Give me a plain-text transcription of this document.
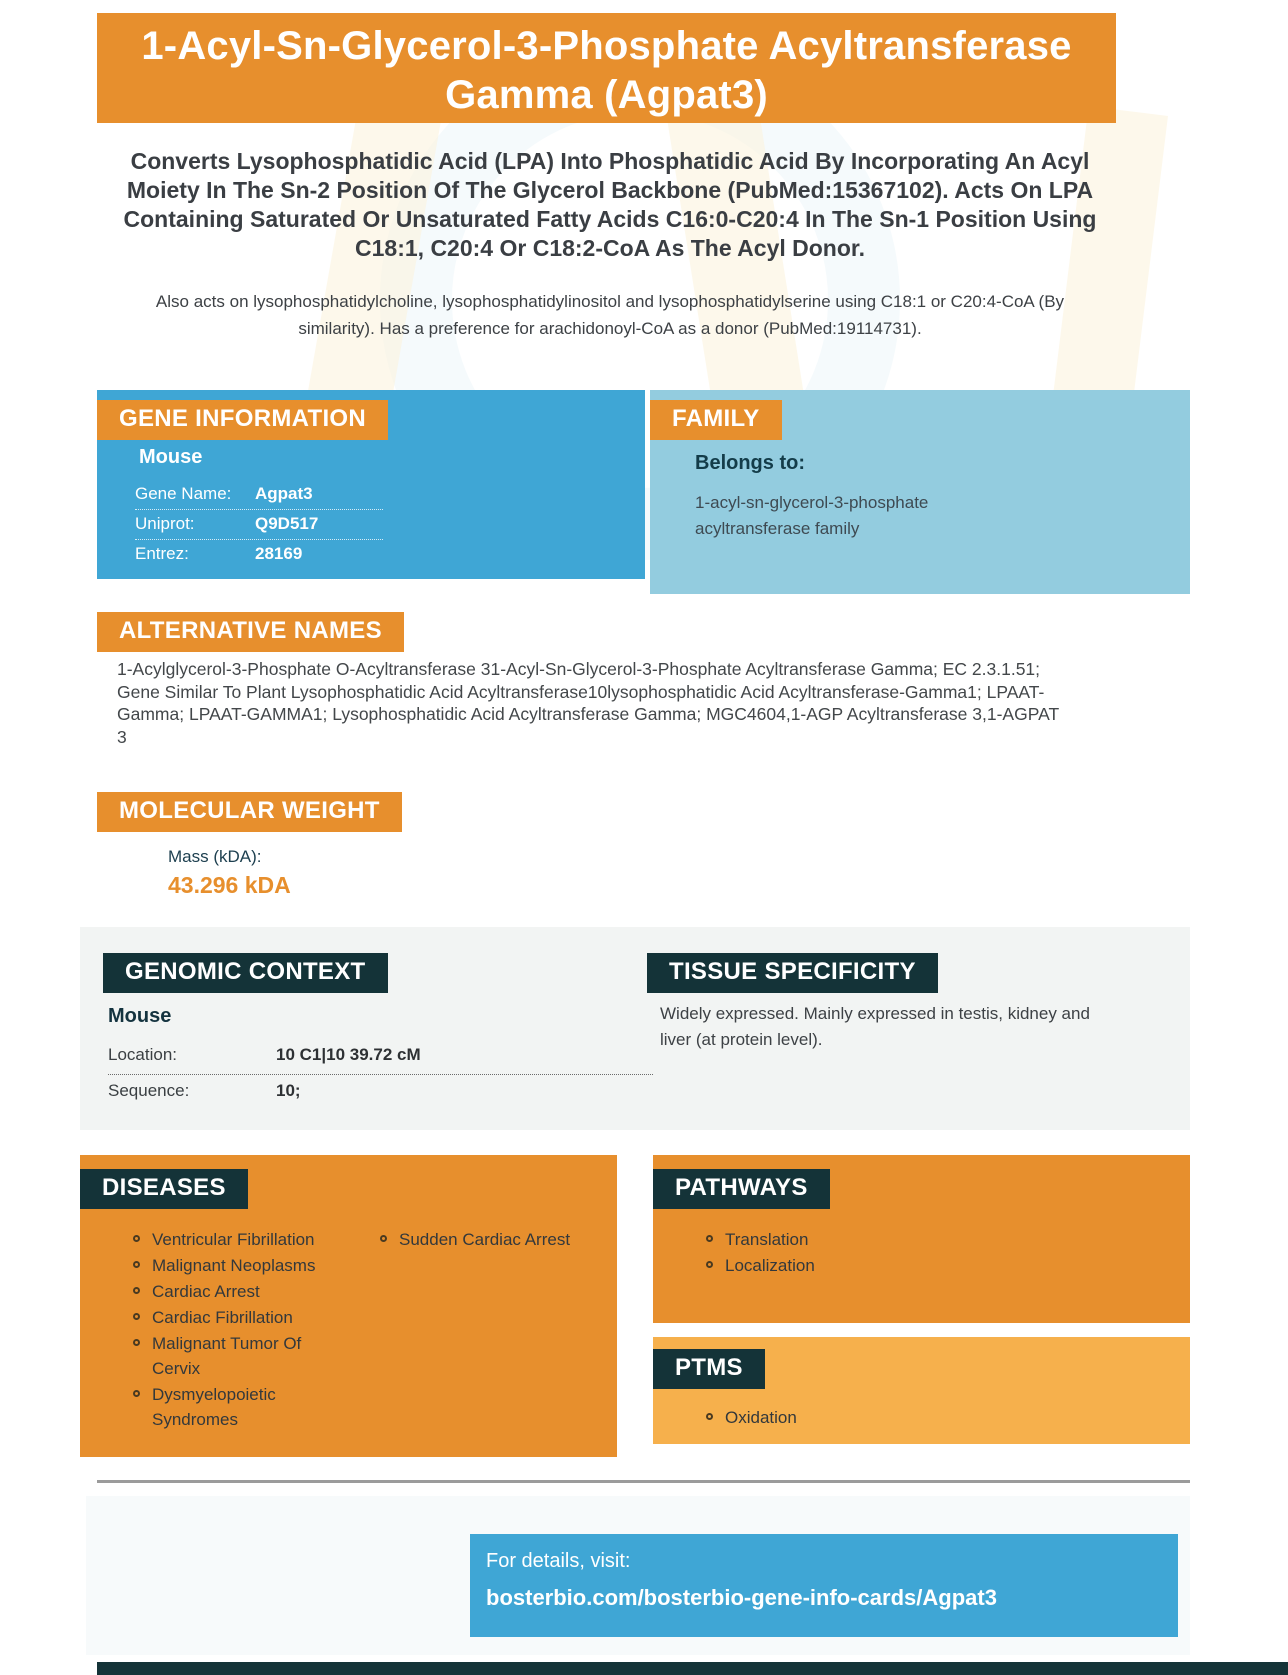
1-Acyl-Sn-Glycerol-3-Phosphate Acyltransferase Gamma (Agpat3)
Converts Lysophosphatidic Acid (LPA) Into Phosphatidic Acid By Incorporating An Acyl Moiety In The Sn-2 Position Of The Glycerol Backbone (PubMed:15367102). Acts On LPA Containing Saturated Or Unsaturated Fatty Acids C16:0-C20:4 In The Sn-1 Position Using C18:1, C20:4 Or C18:2-CoA As The Acyl Donor.
Also acts on lysophosphatidylcholine, lysophosphatidylinositol and lysophosphatidylserine using C18:1 or C20:4-CoA (By similarity). Has a preference for arachidonoyl-CoA as a donor (PubMed:19114731).
GENE INFORMATION
Mouse
Gene Name:	Agpat3
Uniprot:	Q9D517
Entrez:	28169
FAMILY
Belongs to:
1-acyl-sn-glycerol-3-phosphate acyltransferase family
ALTERNATIVE NAMES
1-Acylglycerol-3-Phosphate O-Acyltransferase 31-Acyl-Sn-Glycerol-3-Phosphate Acyltransferase Gamma; EC 2.3.1.51; Gene Similar To Plant Lysophosphatidic Acid Acyltransferase10lysophosphatidic Acid Acyltransferase-Gamma1; LPAAT-Gamma; LPAAT-GAMMA1; Lysophosphatidic Acid Acyltransferase Gamma; MGC4604,1-AGP Acyltransferase 3,1-AGPAT 3
MOLECULAR WEIGHT
Mass (kDA):
43.296 kDA
GENOMIC CONTEXT
Mouse
Location:	10 C1|10 39.72 cM
Sequence:	10;
TISSUE SPECIFICITY
Widely expressed. Mainly expressed in testis, kidney and liver (at protein level).
DISEASES
Ventricular Fibrillation
Malignant Neoplasms
Cardiac Arrest
Cardiac Fibrillation
Malignant Tumor Of Cervix
Dysmyelopoietic Syndromes
Sudden Cardiac Arrest
PATHWAYS
Translation
Localization
PTMS
Oxidation
For details, visit:
bosterbio.com/bosterbio-gene-info-cards/Agpat3
